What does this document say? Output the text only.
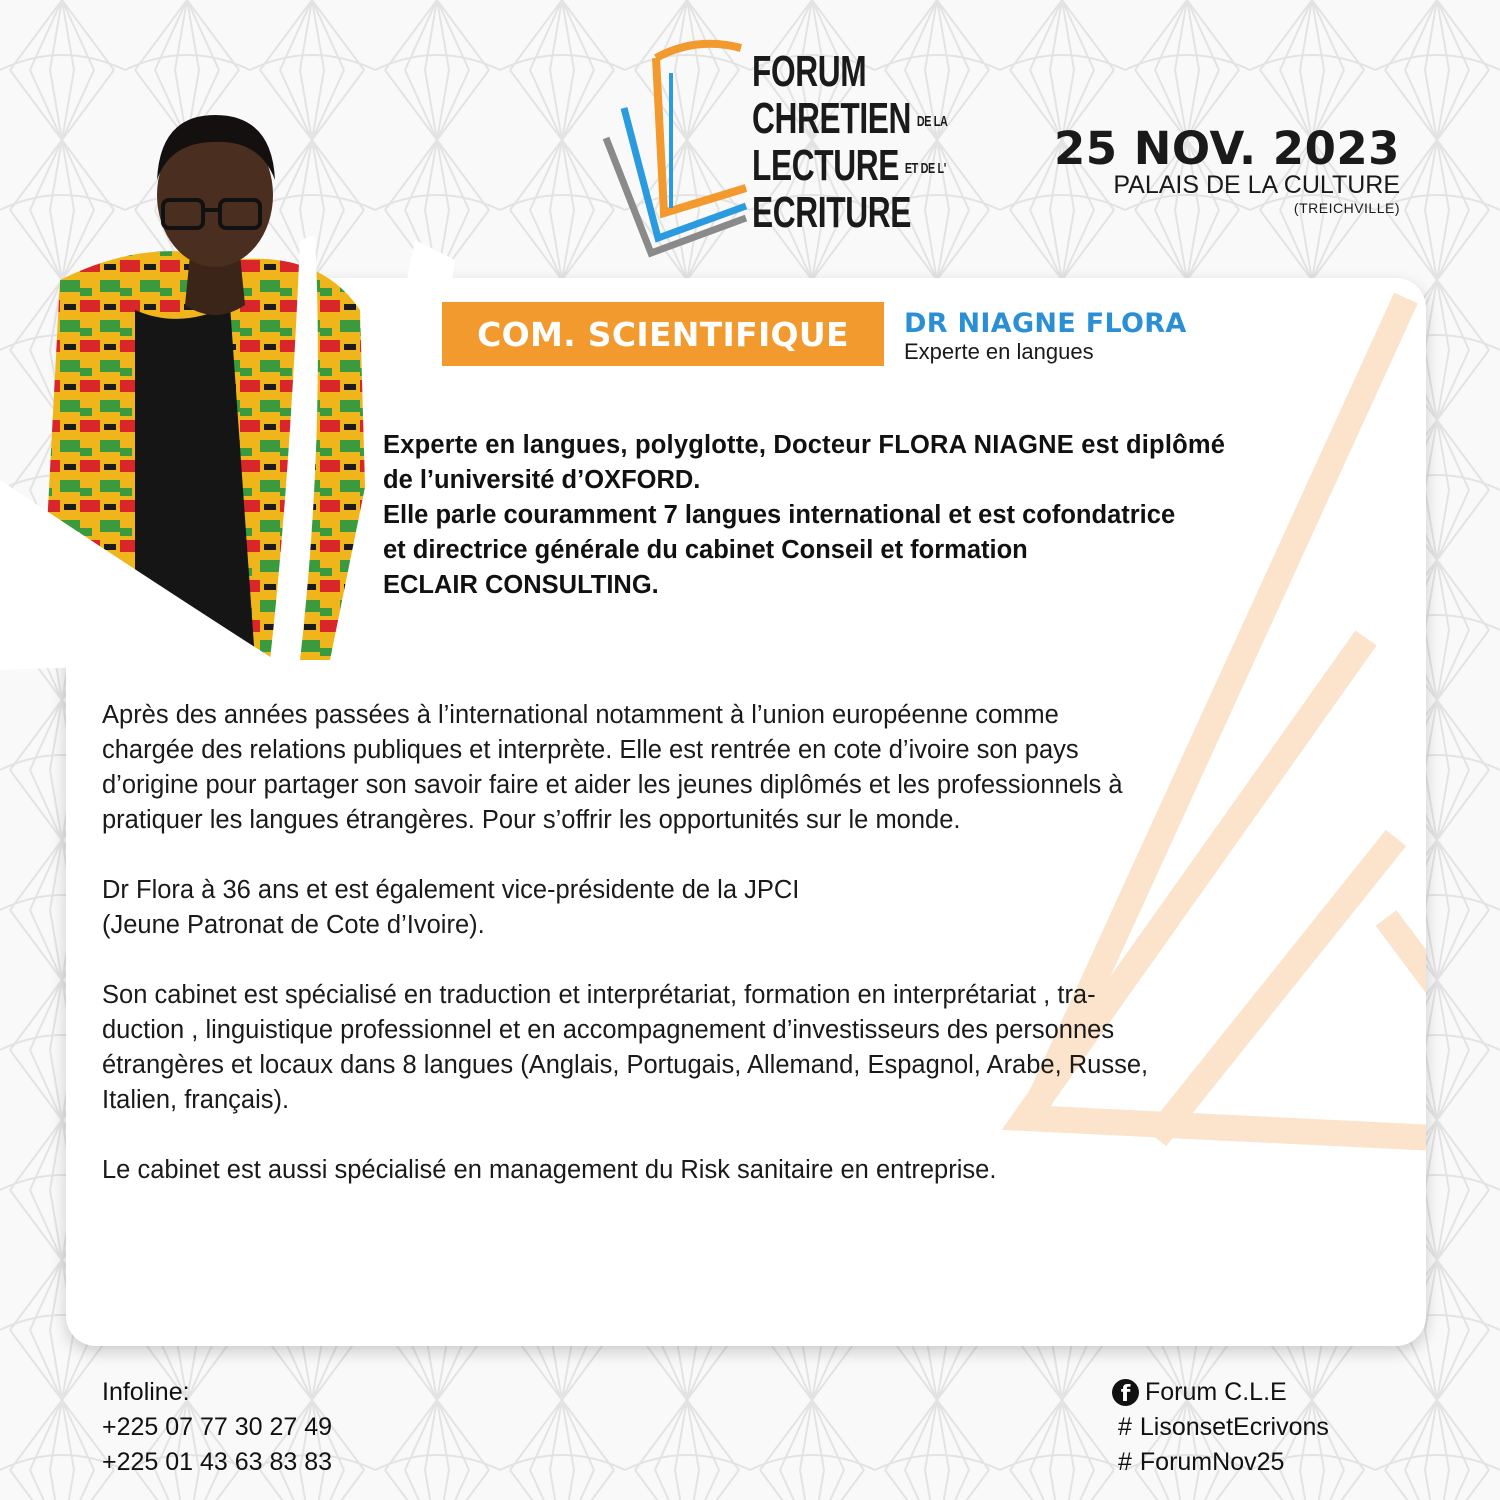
FORUM
CHRETIEN DE LA
LECTURE ET DE L'
ECRITURE
25 NOV. 2023
PALAIS DE LA CULTURE
(TREICHVILLE)
COM. SCIENTIFIQUE	DR NIAGNE FLORA
Experte en langues
Experte en langues, polyglotte, Docteur FLORA NIAGNE est diplômé
de l’université d’OXFORD.
Elle parle couramment 7 langues international et est cofondatrice
et directrice générale du cabinet Conseil et formation
ECLAIR CONSULTING.

Après des années passées à l’international notamment à l’union européenne comme
chargée des relations publiques et interprète. Elle est rentrée en cote d’ivoire son pays
d’origine pour partager son savoir faire et aider les jeunes diplômés et les professionnels à
pratiquer les langues étrangères. Pour s’offrir les opportunités sur le monde.

Dr Flora à 36 ans et est également vice-présidente de la JPCI
(Jeune Patronat de Cote d’Ivoire).

Son cabinet est spécialisé en traduction et interprétariat, formation en interprétariat , tra-
duction , linguistique professionnel et en accompagnement d’investisseurs des personnes
étrangères et locaux dans 8 langues (Anglais, Portugais, Allemand, Espagnol, Arabe, Russe,
Italien, français).

Le cabinet est aussi spécialisé en management du Risk sanitaire en entreprise.

Infoline:
+225 07 77 30 27 49
+225 01 43 63 83 83
f Forum C.L.E
# LisonsetEcrivons
# ForumNov25
